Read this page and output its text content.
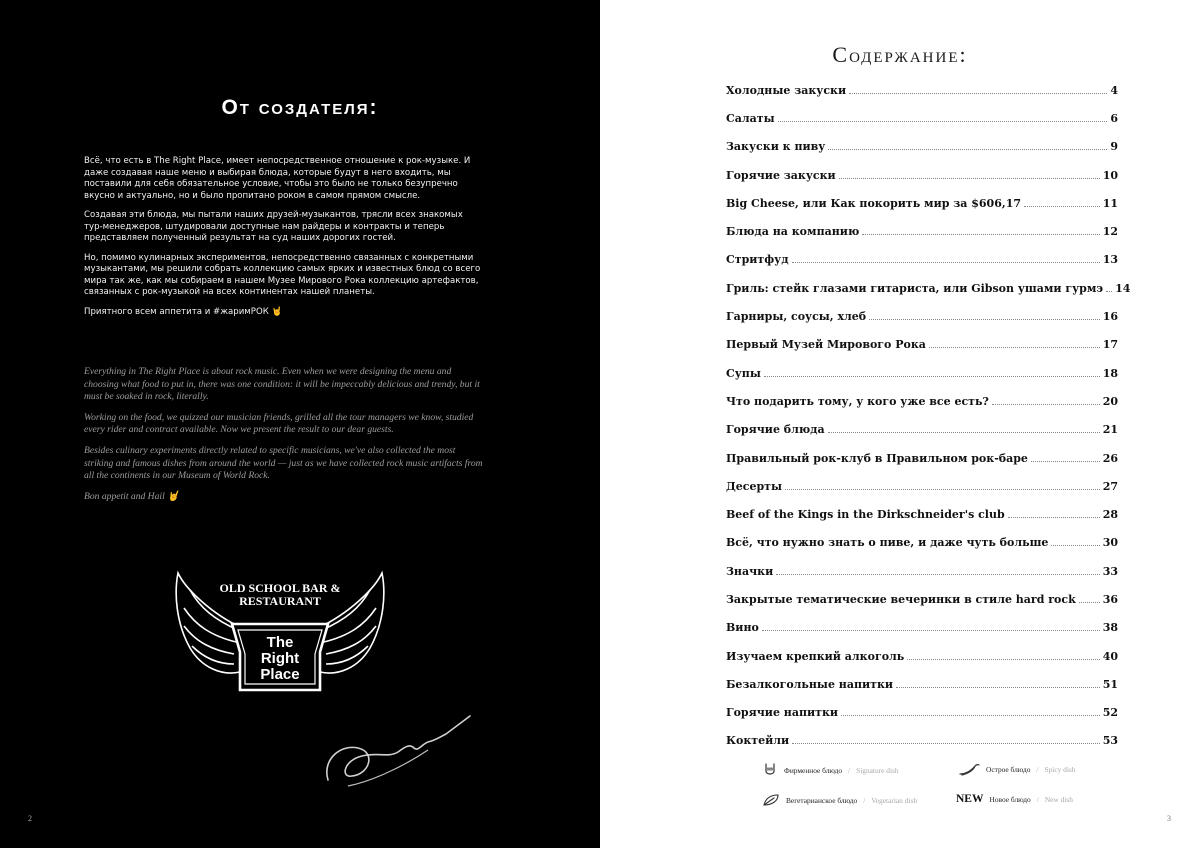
От создателя:

Всё, что есть в The Right Place, имеет непосредственное отношение к рок-музыке. И даже создавая наше меню и выбирая блюда, которые будут в него входить, мы поставили для себя обязательное условие, чтобы это было не только безупречно вкусно и актуально, но и было пропитано роком в самом прямом смысле.

Создавая эти блюда, мы пытали наших друзей-музыкантов, трясли всех знакомых тур-менеджеров, штудировали доступные нам райдеры и контракты и теперь представляем полученный результат на суд наших дорогих гостей.

Но, помимо кулинарных экспериментов, непосредственно связанных с конкретными музыкантами, мы решили собрать коллекцию самых ярких и известных блюд со всего мира так же, как мы собираем в нашем Музее Мирового Рока коллекцию артефактов, связанных с рок-музыкой на всех континентах нашей планеты.

Приятного всем аппетита и #жаримРОК 🤘

Everything in The Right Place is about rock music. Even when we were designing the menu and choosing what food to put in, there was one condition: it will be impeccably delicious and trendy, but it must be soaked in rock, literally.

Working on the food, we quizzed our musician friends, grilled all the tour managers we know, studied every rider and contract available. Now we present the result to our dear guests.

Besides culinary experiments directly related to specific musicians, we've also collected the most striking and famous dishes from around the world — just as we have collected rock music artifacts from all the continents in our Museum of World Rock.

Bon appetit and Hail 🤘

OLD SCHOOL BAR &
RESTAURANT
The
Right
Place
2
Содержание:
Холодные закуски	4
Салаты	6
Закуски к пиву	9
Горячие закуски	10
Big Cheese, или Как покорить мир за $606,17	11
Блюда на компанию	12
Стритфуд	13
Гриль: стейк глазами гитариста, или Gibson ушами гурмэ 14
Гарниры, соусы, хлеб	16
Первый Музей Мирового Рока	17
Супы	18
Что подарить тому, у кого уже все есть?	20
Горячие блюда	21
Правильный рок-клуб в Правильном рок-баре	26
Десерты	27
Beef of the Kings in the Dirkschneider's club	28
Всё, что нужно знать о пиве, и даже чуть больше	30
Значки	33
Закрытые тематические вечеринки в стиле hard rock 36
Вино	38
Изучаем крепкий алкоголь	40
Безалкогольные напитки	51
Горячие напитки	52
Коктейли	53
Фирменное блюдо / Signature dish	Острое блюдо / Spicy dish
Вегетарианское блюдо / Vegetarian dish	NEW Новое блюдо / New dish
3
